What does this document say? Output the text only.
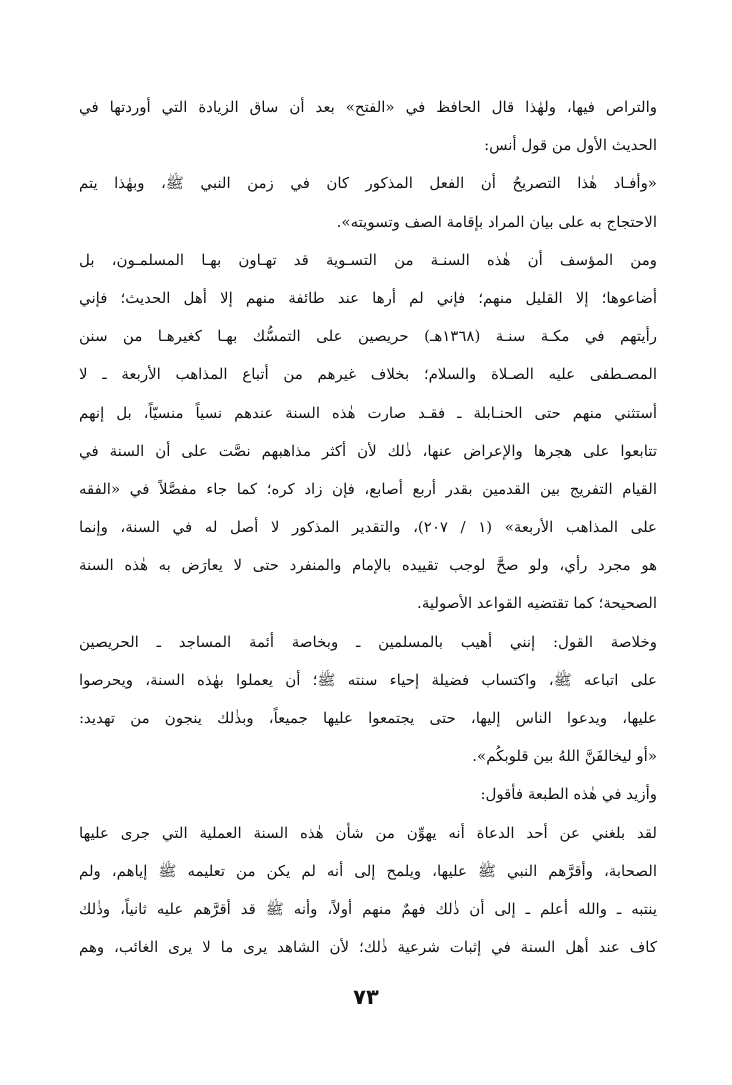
والتراص فيها، ولهٰذا قال الحافظ في «الفتح» بعد أن ساق الزيادة التي أوردتها في
الحديث الأول من قول أنس:
«وأفـاد هٰذا التصريحُ أن الفعل المذكور كان في زمن النبي ﷺ، وبهٰذا يتم
الاحتجاج به على بيان المراد بإقامة الصف وتسويته».
ومن المؤسف أن هٰذه السنـة من التسـوية قد تهـاون بهـا المسلمـون، بل
أضاعوها؛ إلا القليل منهم؛ فإني لم أرها عند طائفة منهم إلا أهل الحديث؛ فإني
رأيتهم في مكـة سنـة (١٣٦٨هـ) حريصين على التمسُّك بهـا كغيرهـا من سنن
المصـطفى عليه الصـلاة والسلام؛ بخلاف غيرهم من أتباع المذاهب الأربعة ـ لا
أستثني منهم حتى الحنـابلة ـ فقـد صارت هٰذه السنة عندهم نسياً منسيّاً، بل إنهم
تتابعوا على هجرها والإعراض عنها، ذٰلك لأن أكثر مذاهبهم نصَّت على أن السنة في
القيام التفريج بين القدمين بقدر أربع أصابع، فإن زاد كره؛ كما جاء مفصَّلاً في «الفقه
على المذاهب الأربعة» (١ / ٢٠٧)، والتقدير المذكور لا أصل له في السنة، وإنما
هو مجرد رأي، ولو صحَّ لوجب تقييده بالإمام والمنفرد حتى لا يعارَض به هٰذه السنة
الصحيحة؛ كما تقتضيه القواعد الأصولية.
وخلاصة القول: إنني أهيب بالمسلمين ـ وبخاصة أئمة المساجد ـ الحريصين
على اتباعه ﷺ، واكتساب فضيلة إحياء سنته ﷺ؛ أن يعملوا بهٰذه السنة، ويحرصوا
عليها، ويدعوا الناس إليها، حتى يجتمعوا عليها جميعاً، وبذٰلك ينجون من تهديد:
«أو ليخالفَنَّ اللهُ بين قلوبكُم».
وأزيد في هٰذه الطبعة فأقول:
لقد بلغني عن أحد الدعاة أنه يهوِّن من شأن هٰذه السنة العملية التي جرى عليها
الصحابة، وأقرَّهم النبي ﷺ عليها، ويلمح إلى أنه لم يكن من تعليمه ﷺ إياهم، ولم
ينتبه ـ والله أعلم ـ إلى أن ذٰلك فهمٌ منهم أولاً، وأنه ﷺ قد أقرَّهم عليه ثانياً، وذٰلك
كاف عند أهل السنة في إثبات شرعية ذٰلك؛ لأن الشاهد يرى ما لا يرى الغائب، وهم
٧٣
